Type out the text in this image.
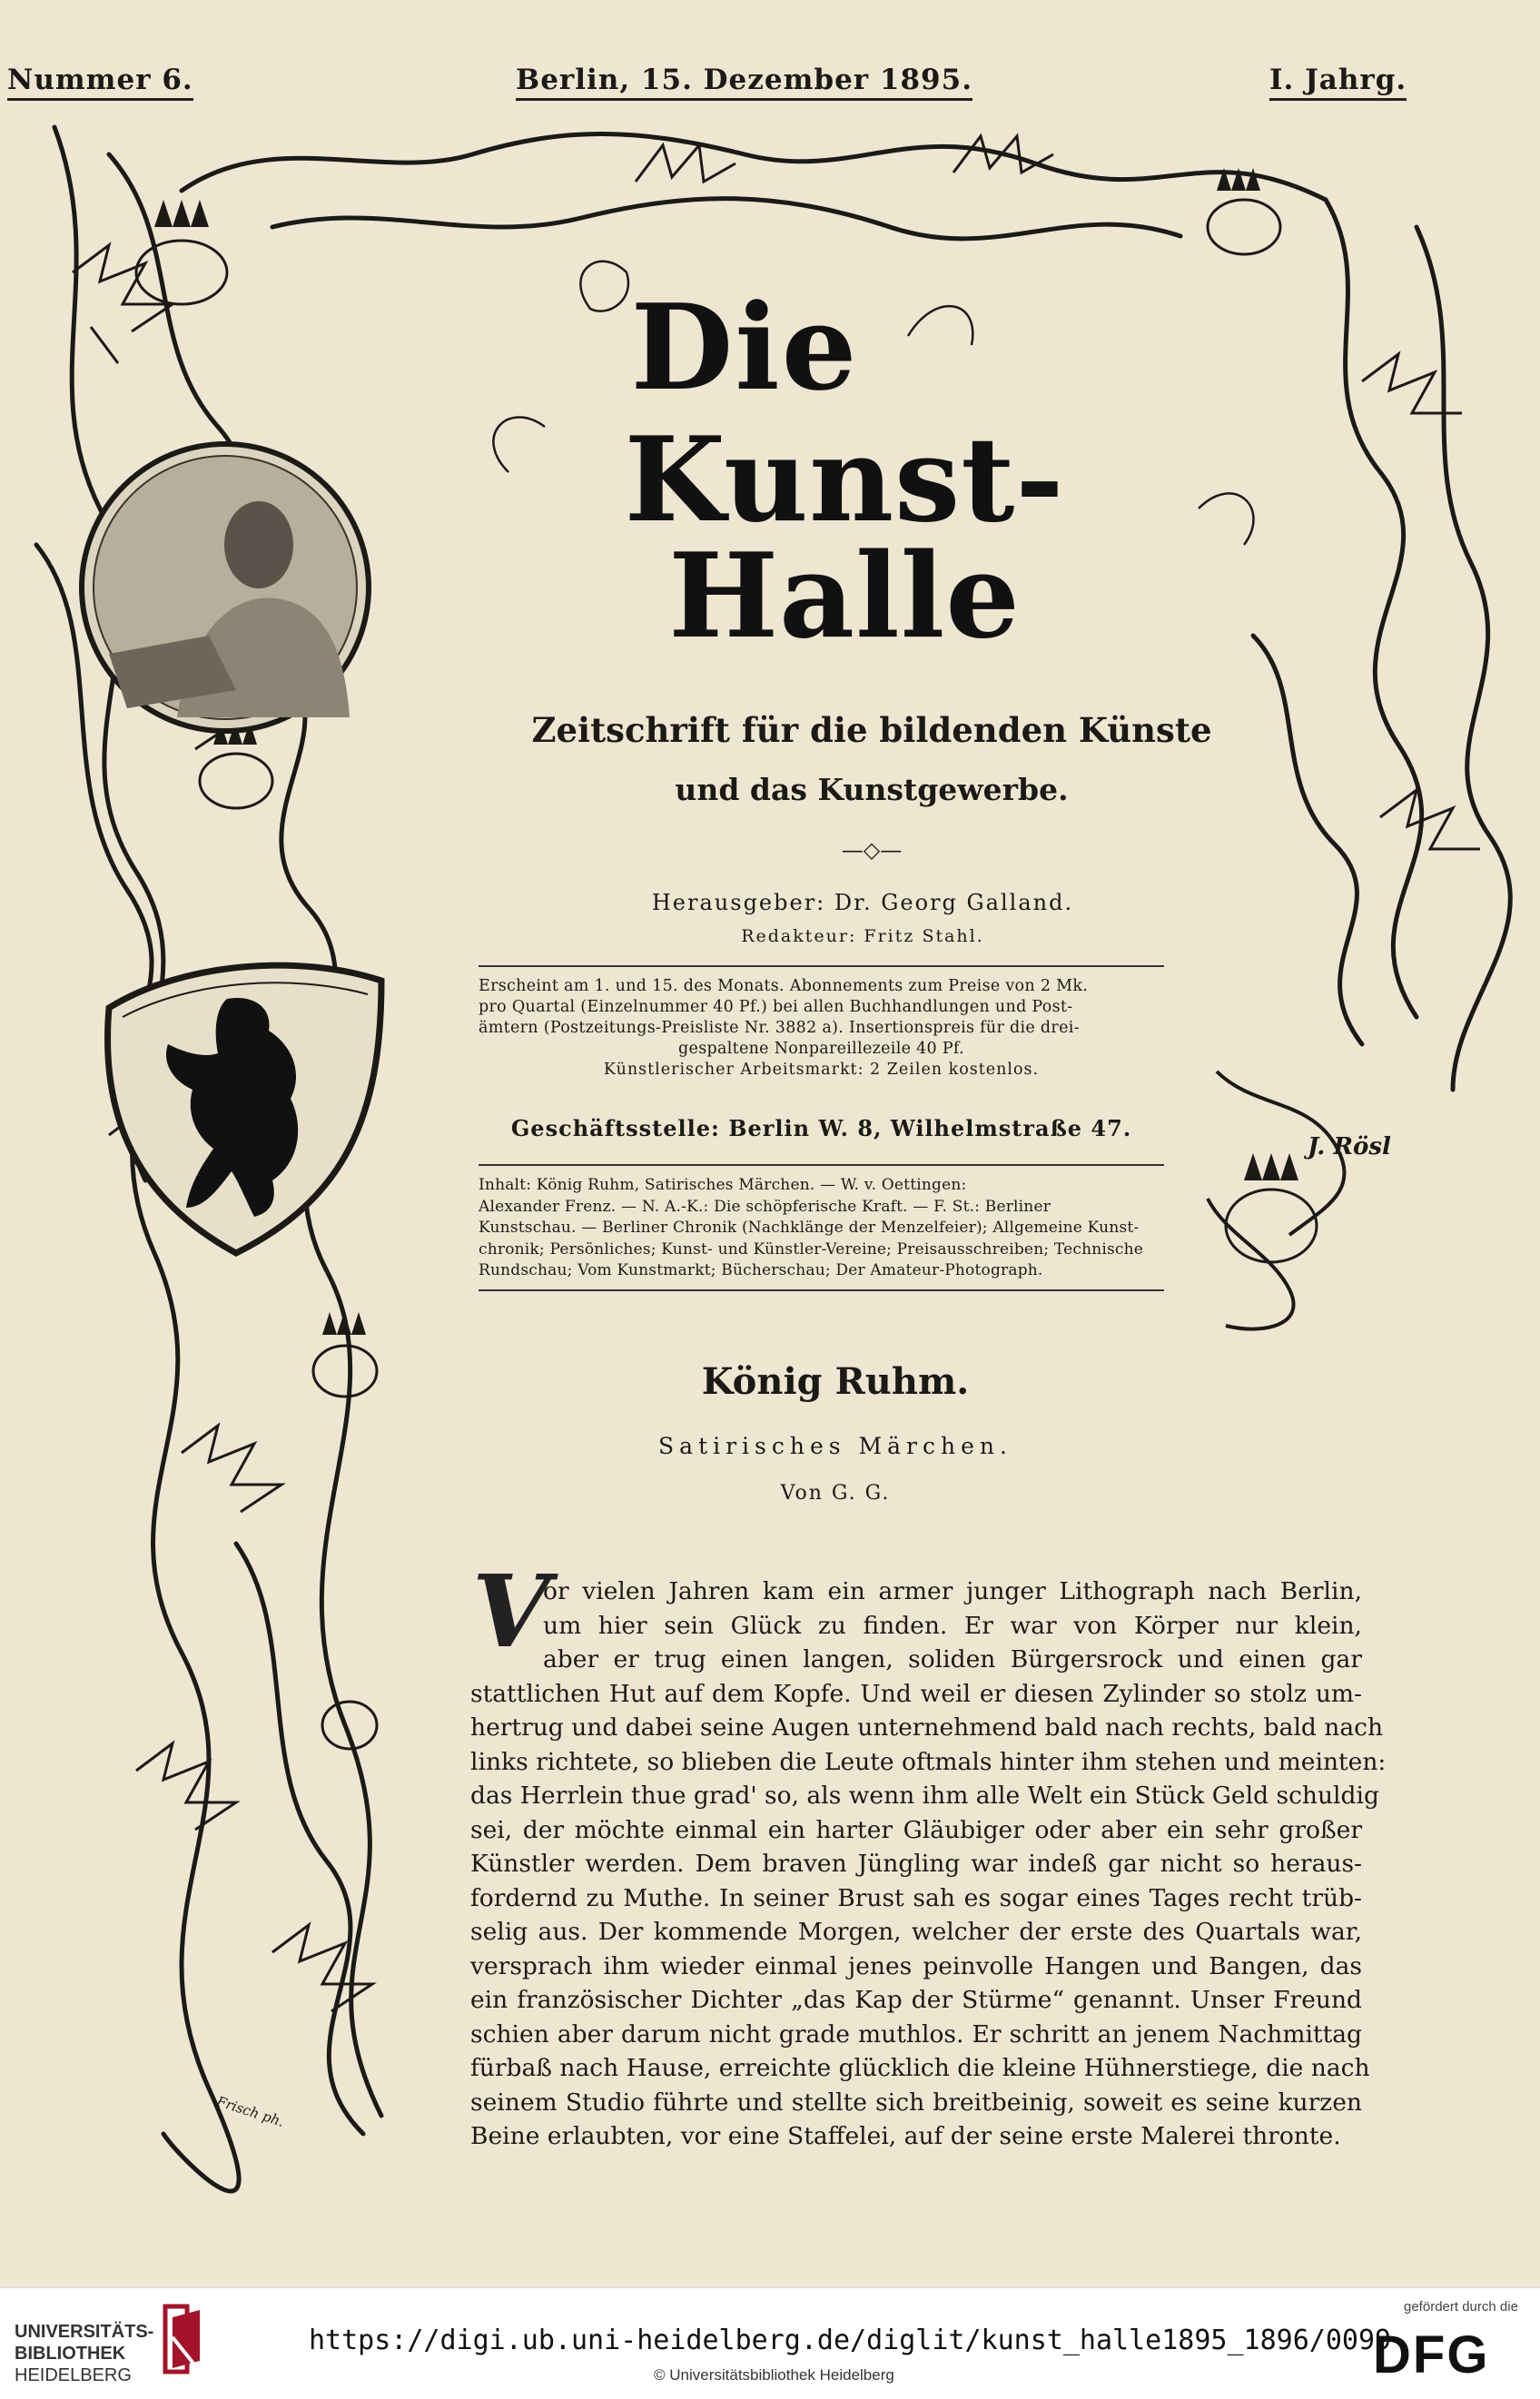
Nummer 6.	Berlin, 15. Dezember 1895.	I. Jahrg.
Die
Kunst-Halle
Zeitschrift für die bildenden Künste
und das Kunstgewerbe.
—◇—
Herausgeber: Dr. Georg Galland.
Redakteur: Fritz Stahl.

Erscheint am 1. und 15. des Monats. Abonnements zum Preise von 2 Mk.

pro Quartal (Einzelnummer 40 Pf.) bei allen Buchhandlungen und Post-

ämtern (Postzeitungs-Preisliste Nr. 3882 a). Insertionspreis für die drei-

gespaltene Nonpareillezeile 40 Pf.

Künstlerischer Arbeitsmarkt: 2 Zeilen kostenlos.

Geschäftsstelle: Berlin W. 8, Wilhelmstraße 47.

Inhalt: König Ruhm, Satirisches Märchen. — W. v. Oettingen:

Alexander Frenz. — N. A.-K.: Die schöpferische Kraft. — F. St.: Berliner

Kunstschau. — Berliner Chronik (Nachklänge der Menzelfeier); Allgemeine Kunst-

chronik; Persönliches; Kunst- und Künstler-Vereine; Preisausschreiben; Technische

Rundschau; Vom Kunstmarkt; Bücherschau; Der Amateur-Photograph.

J. Rösl
Frisch ph.
König Ruhm.
Satirisches Märchen.
Von G. G.
V
or vielen Jahren kam ein armer junger Lithograph nach Berlin,
um hier sein Glück zu finden. Er war von Körper nur klein,
aber er trug einen langen, soliden Bürgersrock und einen gar
stattlichen Hut auf dem Kopfe. Und weil er diesen Zylinder so stolz um-
hertrug und dabei seine Augen unternehmend bald nach rechts, bald nach
links richtete, so blieben die Leute oftmals hinter ihm stehen und meinten:
das Herrlein thue grad' so, als wenn ihm alle Welt ein Stück Geld schuldig
sei, der möchte einmal ein harter Gläubiger oder aber ein sehr großer
Künstler werden. Dem braven Jüngling war indeß gar nicht so heraus-
fordernd zu Muthe. In seiner Brust sah es sogar eines Tages recht trüb-
selig aus. Der kommende Morgen, welcher der erste des Quartals war,
versprach ihm wieder einmal jenes peinvolle Hangen und Bangen, das
ein französischer Dichter „das Kap der Stürme“ genannt. Unser Freund
schien aber darum nicht grade muthlos. Er schritt an jenem Nachmittag
fürbaß nach Hause, erreichte glücklich die kleine Hühnerstiege, die nach
seinem Studio führte und stellte sich breitbeinig, soweit es seine kurzen
Beine erlaubten, vor eine Staffelei, auf der seine erste Malerei thronte.
UNIVERSITÄTS-
BIBLIOTHEK
HEIDELBERG
https://digi.ub.uni-heidelberg.de/diglit/kunst_halle1895_1896/0099
© Universitätsbibliothek Heidelberg
gefördert durch die
DFG
